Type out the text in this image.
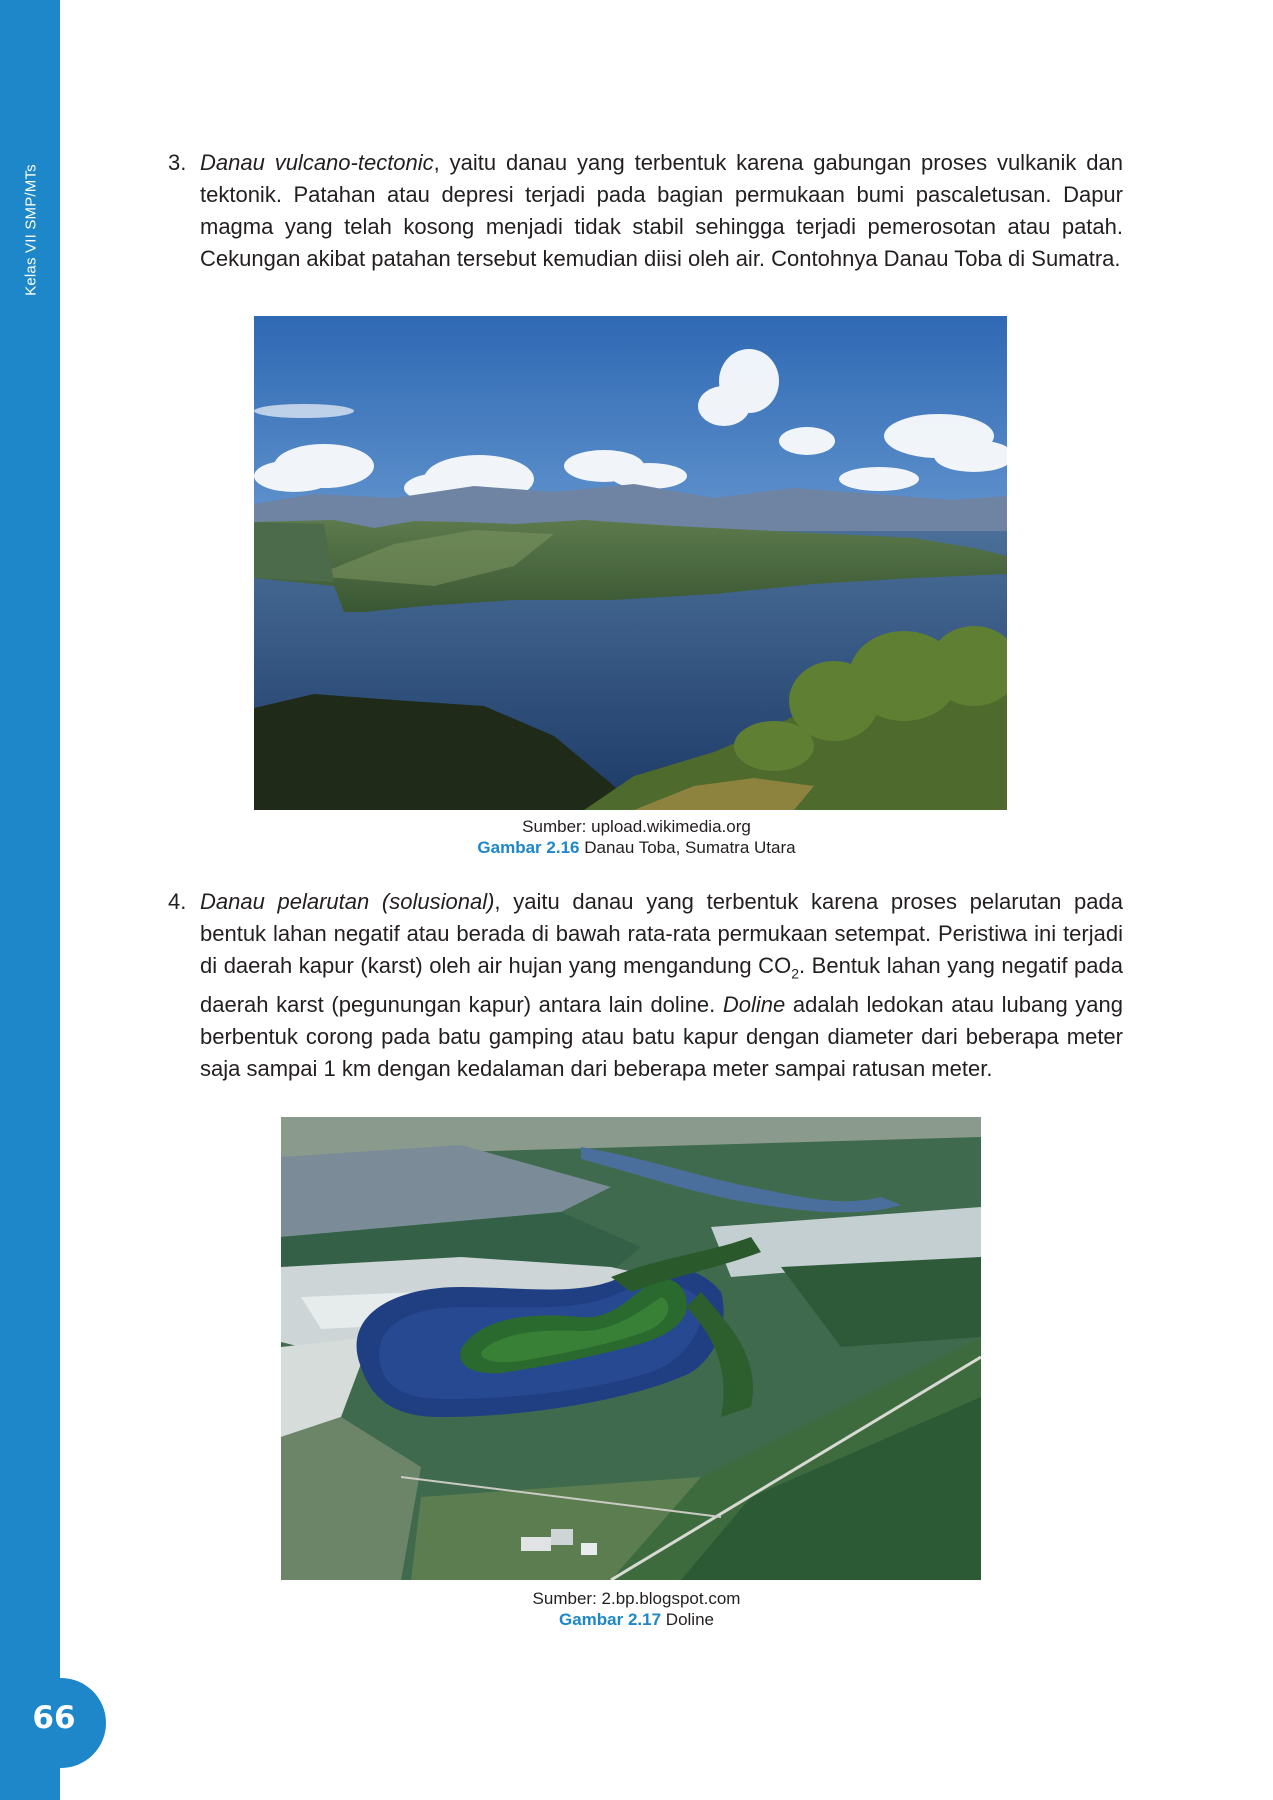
Kelas VII SMP/MTs
66
3. Danau vulcano-tectonic, yaitu danau yang terbentuk karena gabungan proses vulkanik dan tektonik. Patahan atau depresi terjadi pada bagian permukaan bumi pascaletusan. Dapur magma yang telah kosong menjadi tidak stabil sehingga terjadi pemerosotan atau patah. Cekungan akibat patahan tersebut kemudian diisi oleh air. Contohnya Danau Toba di Sumatra.
Sumber: upload.wikimedia.org
Gambar 2.16 Danau Toba, Sumatra Utara
4. Danau pelarutan (solusional), yaitu danau yang terbentuk karena proses pelarutan pada bentuk lahan negatif atau berada di bawah rata-rata permukaan setempat. Peristiwa ini terjadi di daerah kapur (karst) oleh air hujan yang mengandung $CO_2$. Bentuk lahan yang negatif pada daerah karst (pegunungan kapur) antara lain doline. Doline adalah ledokan atau lubang yang berbentuk corong pada batu gamping atau batu kapur dengan diameter dari beberapa meter saja sampai 1 km dengan kedalaman dari beberapa meter sampai ratusan meter.
Sumber: 2.bp.blogspot.com
Gambar 2.17 Doline
